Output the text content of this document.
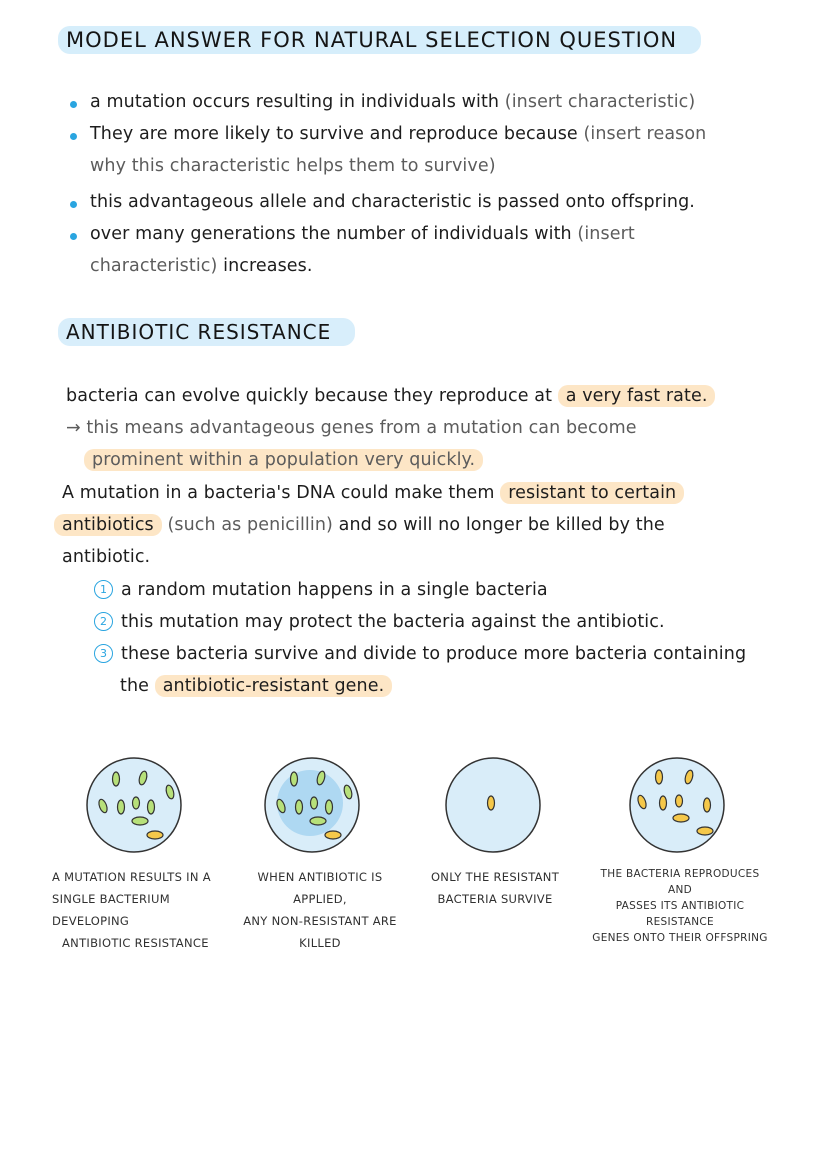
MODEL ANSWER FOR NATURAL SELECTION QUESTION
a mutation occurs resulting in individuals with (insert characteristic)
They are more likely to survive and reproduce because (insert reason
why this characteristic helps them to survive)
this advantageous allele and characteristic is passed onto offspring.
over many generations the number of individuals with (insert
characteristic) increases.
ANTIBIOTIC RESISTANCE
bacteria can evolve quickly because they reproduce at a very fast rate.
→ this means advantageous genes from a mutation can become
prominent within a population very quickly.
A mutation in a bacteria's DNA could make them resistant to certain
antibiotics (such as penicillin) and so will no longer be killed by the
antibiotic.
1 a random mutation happens in a single bacteria
2 this mutation may protect the bacteria against the antibiotic.
3 these bacteria survive and divide to produce more bacteria containing
the antibiotic-resistant gene.
A MUTATION RESULTS IN A
SINGLE BACTERIUM DEVELOPING
ANTIBIOTIC RESISTANCE
WHEN ANTIBIOTIC IS APPLIED,
ANY NON-RESISTANT ARE KILLED
ONLY THE RESISTANT
BACTERIA SURVIVE
THE BACTERIA REPRODUCES AND
PASSES ITS ANTIBIOTIC RESISTANCE
GENES ONTO THEIR OFFSPRING
